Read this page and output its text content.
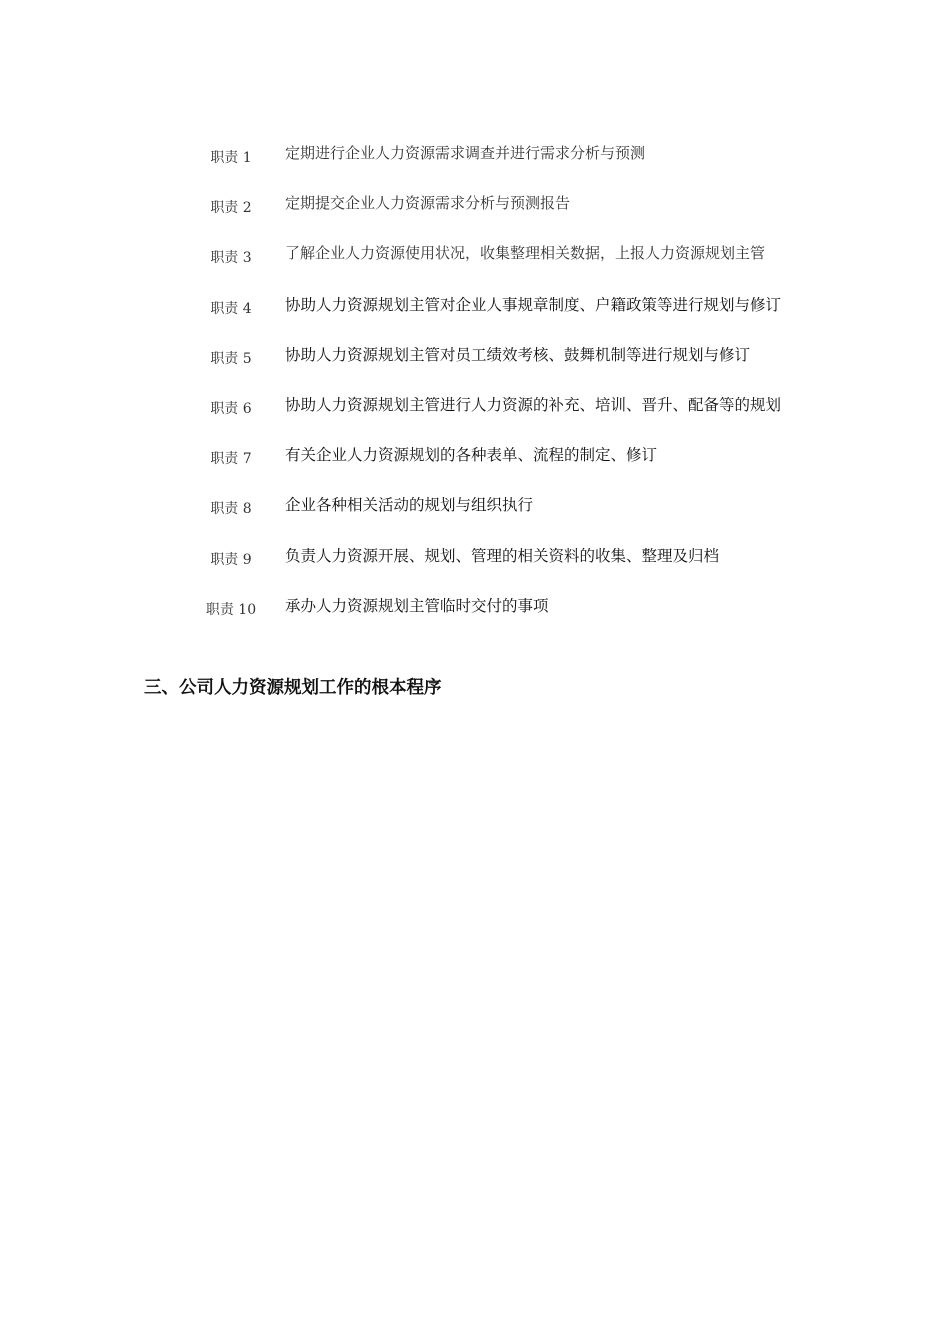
职责 1	定期进行企业人力资源需求调查并进行需求分析与预测
职责 2	定期提交企业人力资源需求分析与预测报告
职责 3	了解企业人力资源使用状况，收集整理相关数据，上报人力资源规划主管
职责 4	协助人力资源规划主管对企业人事规章制度、户籍政策等进行规划与修订
职责 5	协助人力资源规划主管对员工绩效考核、鼓舞机制等进行规划与修订
职责 6	协助人力资源规划主管进行人力资源的补充、培训、晋升、配备等的规划
职责 7	有关企业人力资源规划的各种表单、流程的制定、修订
职责 8	企业各种相关活动的规划与组织执行
职责 9	负责人力资源开展、规划、管理的相关资料的收集、整理及归档
职责 10	承办人力资源规划主管临时交付的事项
三、公司人力资源规划工作的根本程序
